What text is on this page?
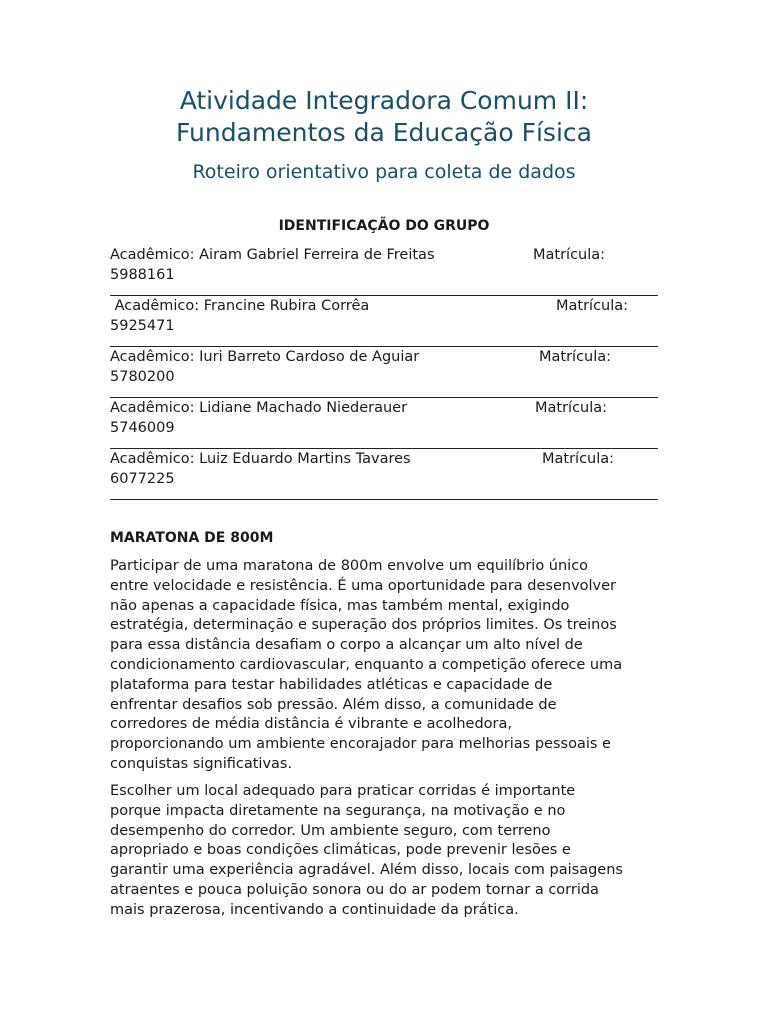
Atividade Integradora Comum II:
Fundamentos da Educação Física
Roteiro orientativo para coleta de dados
IDENTIFICAÇÃO DO GRUPO
Acadêmico: Airam Gabriel Ferreira de Freitas	Matrícula:
5988161
Acadêmico: Francine Rubira Corrêa	Matrícula:
5925471
Acadêmico: Iuri Barreto Cardoso de Aguiar	Matrícula:
5780200
Acadêmico: Lidiane Machado Niederauer	Matrícula:
5746009
Acadêmico: Luiz Eduardo Martins Tavares	Matrícula:
6077225
MARATONA DE 800M

Participar de uma maratona de 800m envolve um equilíbrio único
entre velocidade e resistência. É uma oportunidade para desenvolver
não apenas a capacidade física, mas também mental, exigindo
estratégia, determinação e superação dos próprios limites. Os treinos
para essa distância desafiam o corpo a alcançar um alto nível de
condicionamento cardiovascular, enquanto a competição oferece uma
plataforma para testar habilidades atléticas e capacidade de
enfrentar desafios sob pressão. Além disso, a comunidade de
corredores de média distância é vibrante e acolhedora,
proporcionando um ambiente encorajador para melhorias pessoais e
conquistas significativas.

Escolher um local adequado para praticar corridas é importante
porque impacta diretamente na segurança, na motivação e no
desempenho do corredor. Um ambiente seguro, com terreno
apropriado e boas condições climáticas, pode prevenir lesões e
garantir uma experiência agradável. Além disso, locais com paisagens
atraentes e pouca poluição sonora ou do ar podem tornar a corrida
mais prazerosa, incentivando a continuidade da prática.
